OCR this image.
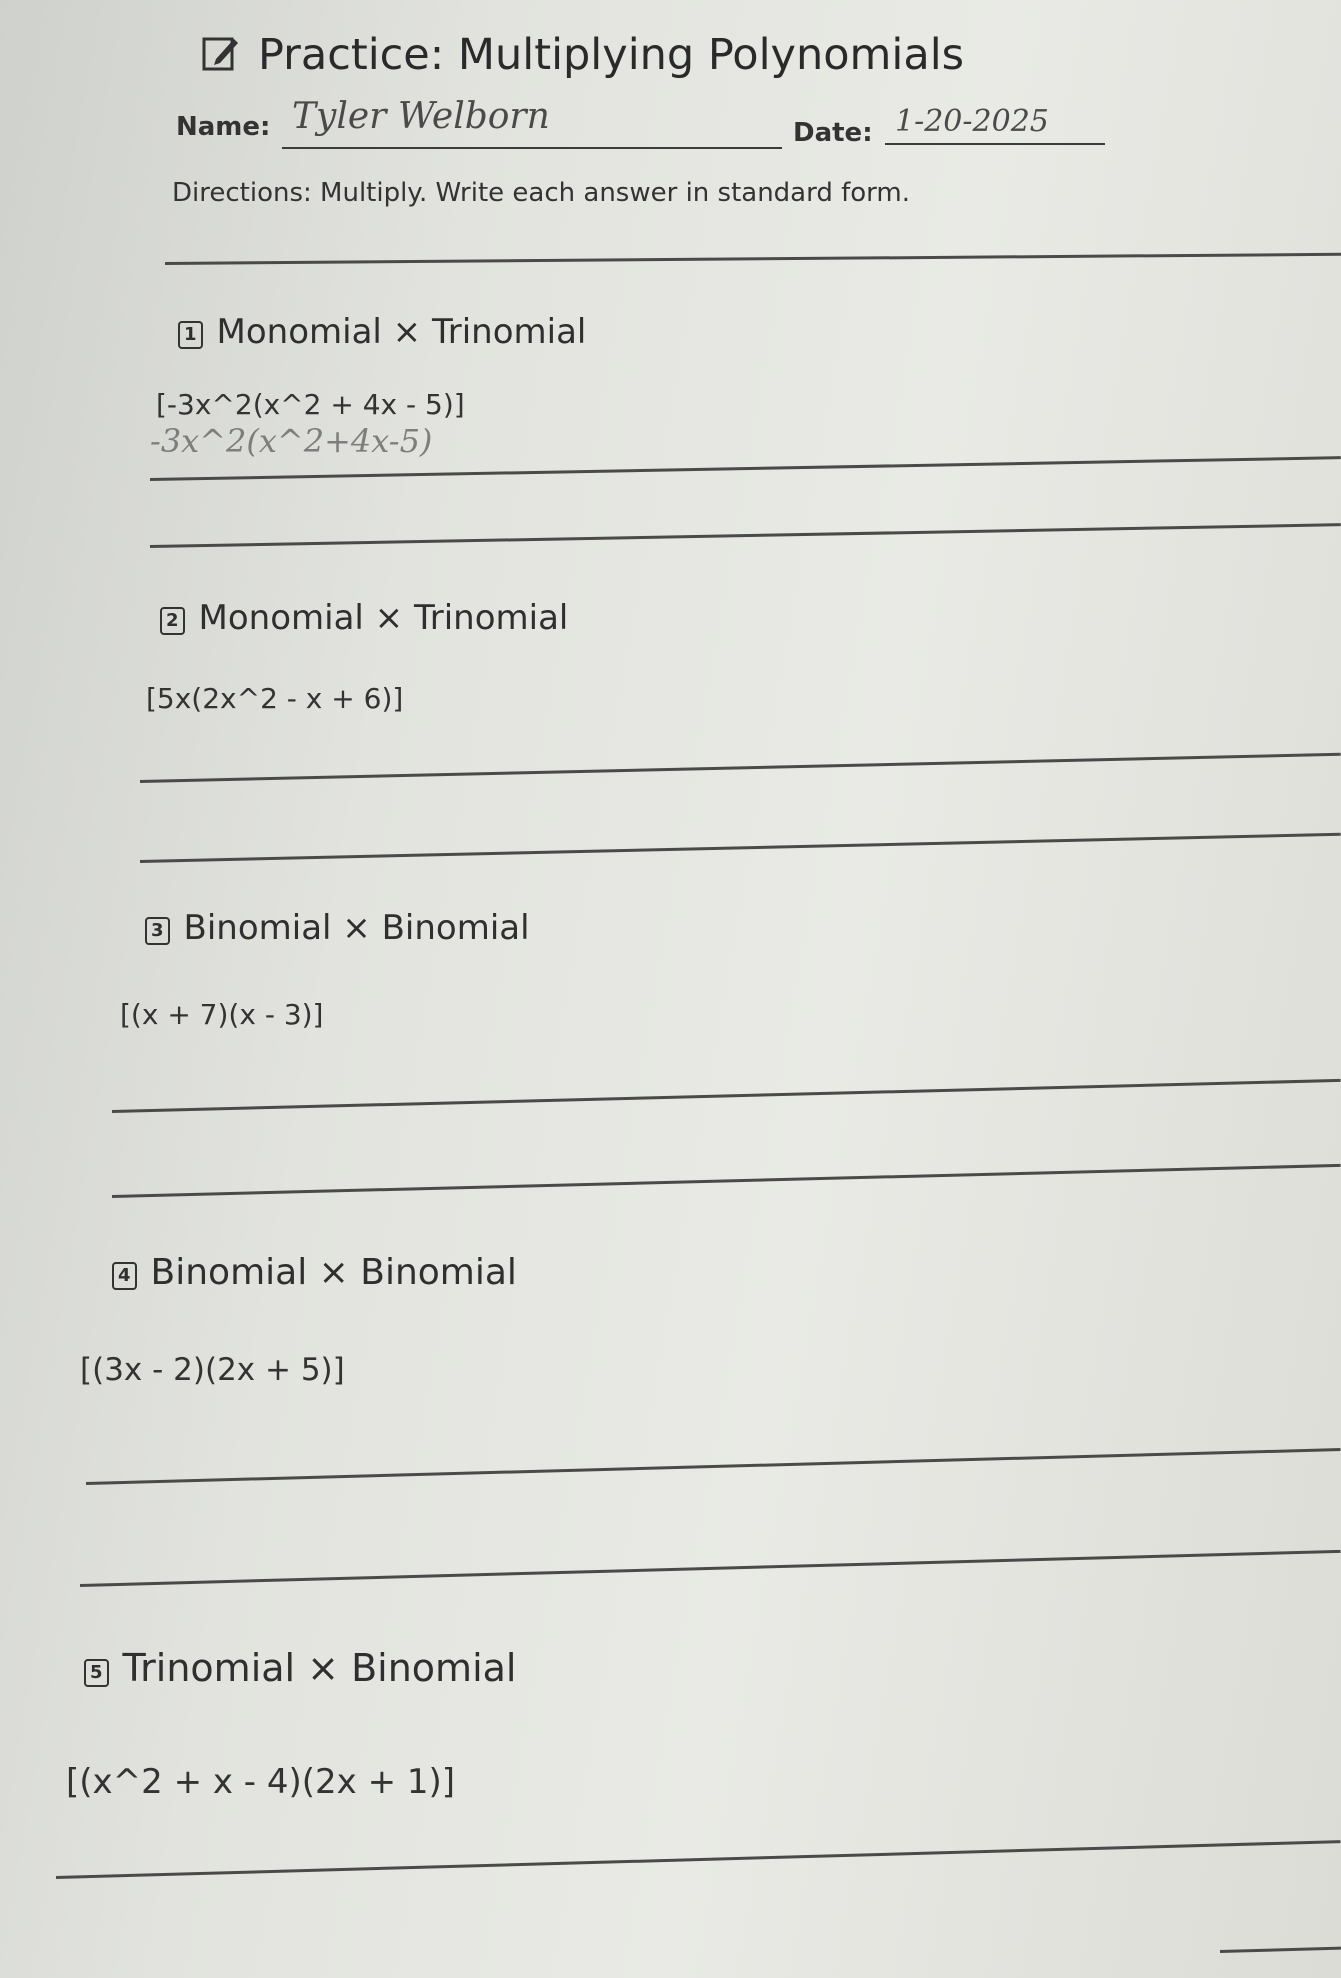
Practice: Multiplying Polynomials
Name: Tyler Welborn	Date: 1-20-2025
Directions: Multiply. Write each answer in standard form.
1 Monomial × Trinomial
[-3x^2(x^2 + 4x - 5)]
-3x^2(x^2+4x-5)
2 Monomial × Trinomial
[5x(2x^2 - x + 6)]
3 Binomial × Binomial
[(x + 7)(x - 3)]
4 Binomial × Binomial
[(3x - 2)(2x + 5)]
5 Trinomial × Binomial
[(x^2 + x - 4)(2x + 1)]
